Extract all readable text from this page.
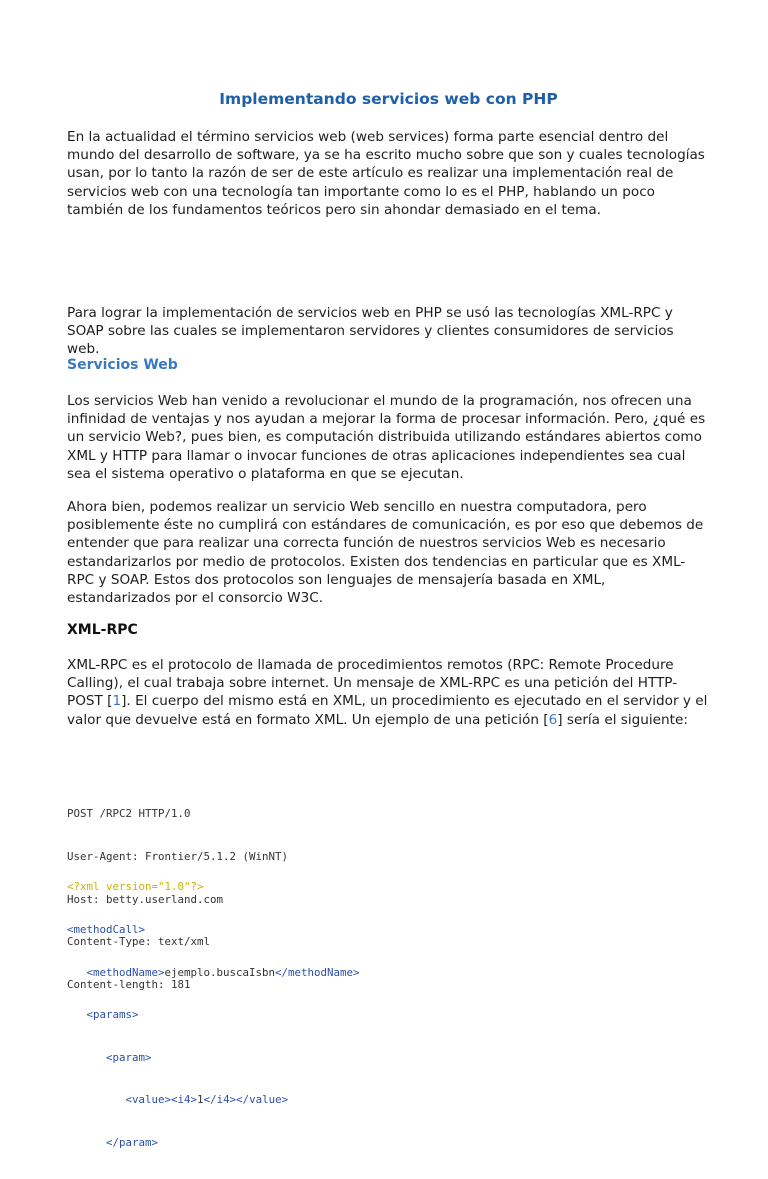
Implementando servicios web con PHP

En la actualidad el término servicios web (web services) forma parte esencial dentro del mundo del desarrollo de software, ya se ha escrito mucho sobre que son y cuales tecnologías usan, por lo tanto la razón de ser de este artículo es realizar una implementación real de servicios web con una tecnología tan importante como lo es el PHP, hablando un poco también de los fundamentos teóricos pero sin ahondar demasiado en el tema.

Para lograr la implementación de servicios web en PHP se usó las tecnologías XML-RPC y SOAP sobre las cuales se implementaron servidores y clientes consumidores de servicios web.

Servicios Web

Los servicios Web han venido a revolucionar el mundo de la programación, nos ofrecen una infinidad de ventajas y nos ayudan a mejorar la forma de procesar información. Pero, ¿qué es un servicio Web?, pues bien, es computación distribuida utilizando estándares abiertos como XML y HTTP para llamar o invocar funciones de otras aplicaciones independientes sea cual sea el sistema operativo o plataforma en que se ejecutan.

Ahora bien, podemos realizar un servicio Web sencillo en nuestra computadora, pero posiblemente éste no cumplirá con estándares de comunicación, es por eso que debemos de entender que para realizar una correcta función de nuestros servicios Web es necesario estandarizarlos por medio de protocolos. Existen dos tendencias en particular que es XML-RPC y SOAP. Estos dos protocolos son lenguajes de mensajería basada en XML, estandarizados por el consorcio W3C.

XML-RPC

XML-RPC es el protocolo de llamada de procedimientos remotos (RPC: Remote Procedure Calling), el cual trabaja sobre internet. Un mensaje de XML-RPC es una petición del HTTP-POST [1]. El cuerpo del mismo está en XML, un procedimiento es ejecutado en el servidor y el valor que devuelve está en formato XML. Un ejemplo de una petición [6] sería el siguiente:

POST /RPC2 HTTP/1.0

User-Agent: Frontier/5.1.2 (WinNT)

Host: betty.userland.com

Content-Type: text/xml

Content-length: 181

<?xml version="1.0"?>

<methodCall>

<methodName>ejemplo.buscaIsbn</methodName>

<params>

<param>

<value><i4>1</i4></value>

</param>
